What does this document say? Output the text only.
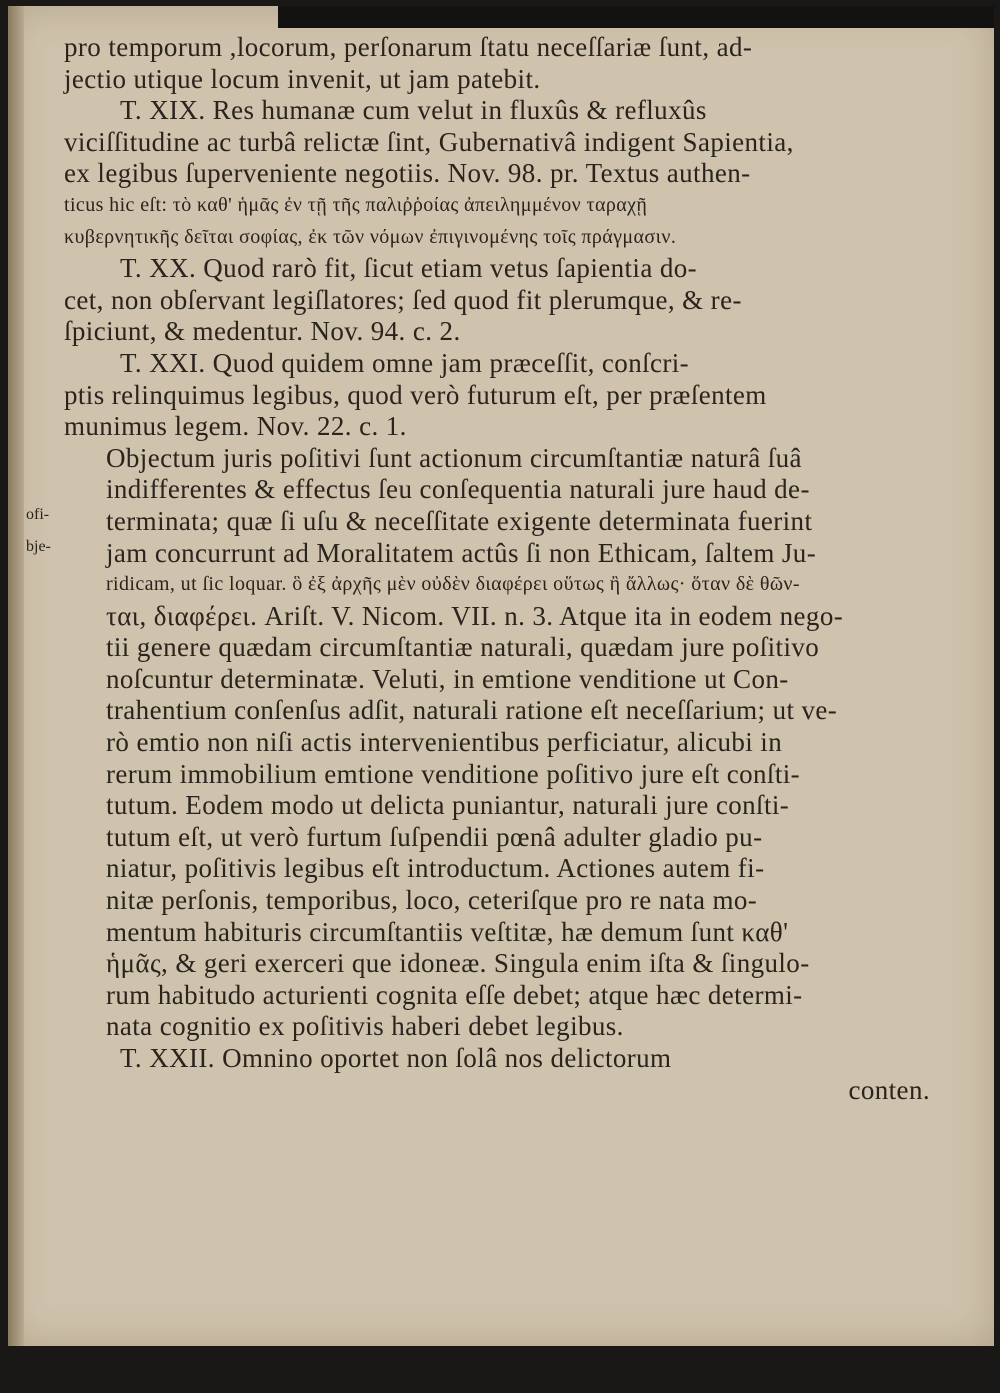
ofi-
bje-
pro temporum ,locorum, perſonarum ſtatu neceſſariæ ſunt, ad-
jectio utique locum invenit, ut jam patebit.
T. XIX. Res humanæ cum velut in fluxûs & refluxûs
viciſſitudine ac turbâ relictæ ſint, Gubernativâ indigent Sapientia,
ex legibus ſupervenientе negotiis. Nov. 98. pr. Textus authen-
ticus hic eſt: τὸ καθ' ἡμᾶς ἐν τῇ τῆς παλιῤῥοίας ἀπειλημμένον ταραχῇ
κυβερνητικῆς δεῖται σοφίας, ἐκ τῶν νόμων ἐπιγινομένης τοῖς πράγμασιν.
T. XX. Quod rarò fit, ſicut etiam vetus ſapientia do-
cet, non obſervant legiſlatores; ſed quod fit plerumque, & re-
ſpiciunt, & medentur. Nov. 94. c. 2.
T. XXI. Quod quidem omne jam præceſſit, conſcri-
ptis relinquimus legibus, quod verò futurum eſt, per præſentem
munimus legem. Nov. 22. c. 1.
Objectum juris poſitivi ſunt actionum circumſtantiæ naturâ ſuâ
indifferentes & effectus ſeu conſequentia naturali jure haud de-
terminata; quæ ſi uſu & neceſſitate exigente determinata fuerint
jam concurrunt ad Moralitatem actûs ſi non Ethicam, ſaltem Ju-
ridicam, ut ſic loquar. ὃ ἐξ ἀρχῆς μὲν οὐδὲν διαφέρει οὕτως ἢ ἄλλως· ὅταν δὲ θῶν-
ται, διαφέρει. Ariſt. V. Nicom. VII. n. 3. Atque ita in eodem nego-
tii genere quædam circumſtantiæ naturali, quædam jure poſitivo
noſcuntur determinatæ. Veluti, in emtione venditione ut Con-
trahentium conſenſus adſit, naturali ratione eſt neceſſarium; ut ve-
rò emtio non niſi actis intervenientibus perficiatur, alicubi in
rerum immobilium emtione venditione poſitivo jure eſt conſti-
tutum. Eodem modo ut delicta puniantur, naturali jure conſti-
tutum eſt, ut verò furtum ſuſpendii pœnâ adulter gladio pu-
niatur, poſitivis legibus eſt introductum. Actiones autem fi-
nitæ perſonis, temporibus, loco, ceteriſque pro re nata mo-
mentum habituris circumſtantiis veſtitæ, hæ demum ſunt καθ'
ἡμᾶς, & geri exerceri que idoneæ. Singula enim iſta & ſingulo-
rum habitudo acturienti cognita eſſe debet; atque hæc determi-
nata cognitio ex poſitivis haberi debet legibus.
T. XXII. Omnino oportet non ſolâ nos delictorum
conten.
